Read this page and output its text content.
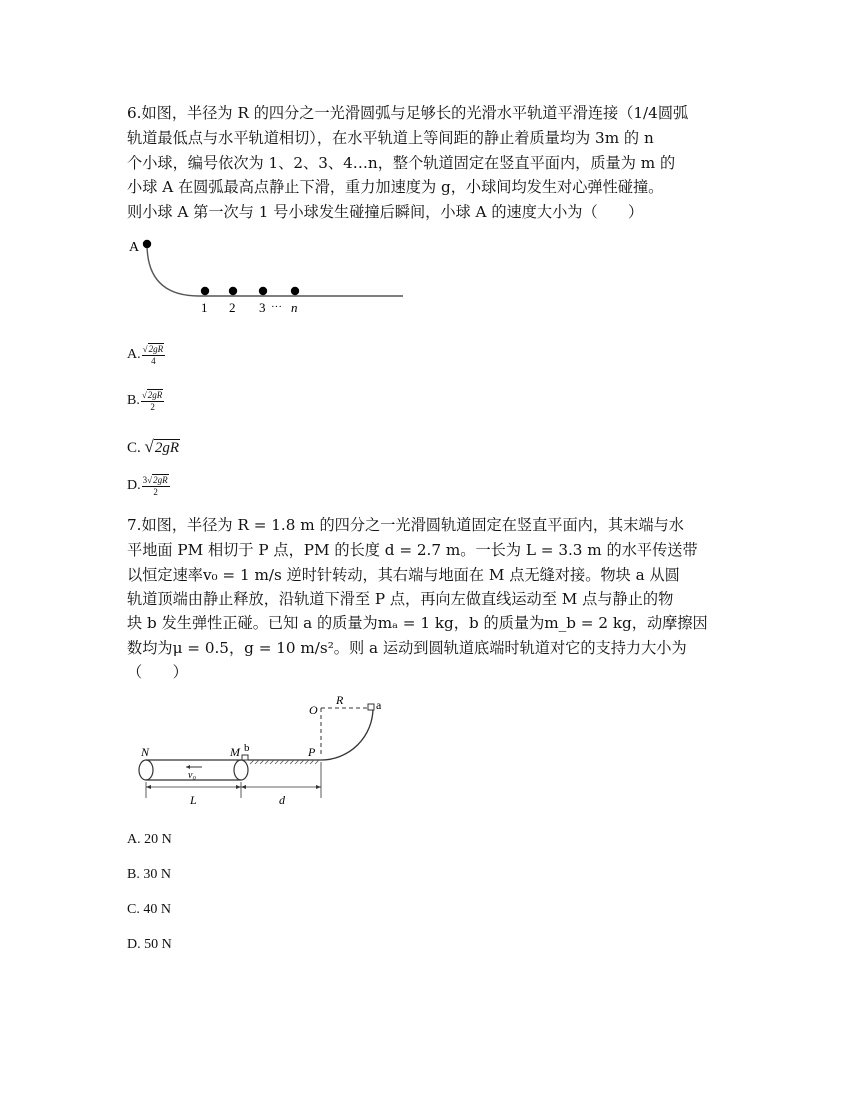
6.如图，半径为 R 的四分之一光滑圆弧与足够长的光滑水平轨道平滑连接（1/4圆弧
轨道最低点与水平轨道相切），在水平轨道上等间距的静止着质量均为 3m 的 n
个小球，编号依次为 1、2、3、4…n，整个轨道固定在竖直平面内，质量为 m 的
小球 A 在圆弧最高点静止下滑，重力加速度为 g，小球间均发生对心弹性碰撞。
则小球 A 第一次与 1 号小球发生碰撞后瞬间，小球 A 的速度大小为（　　）
A
1 2 3 ··· n
A. $\frac{√2gR}{4}$
B. $\frac{√2gR}{2}$
C. √2gR
D. $\frac{3√2gR}{2}$
7.如图，半径为 R = 1.8 m 的四分之一光滑圆轨道固定在竖直平面内，其末端与水
平地面 PM 相切于 P 点，PM 的长度 d = 2.7 m。一长为 L = 3.3 m 的水平传送带
以恒定速率v₀ = 1 m/s 逆时针转动，其右端与地面在 M 点无缝对接。物块 a 从圆
轨道顶端由静止释放，沿轨道下滑至 P 点，再向左做直线运动至 M 点与静止的物
块 b 发生弹性正碰。已知 a 的质量为mₐ = 1 kg，b 的质量为m_b = 2 kg，动摩擦因
数均为μ = 0.5，g = 10 m/s²。则 a 运动到圆轨道底端时轨道对它的支持力大小为
（　　）
O
R	a
N	M b	P
v₀
L	d
A. 20 N
B. 30 N
C. 40 N
D. 50 N
